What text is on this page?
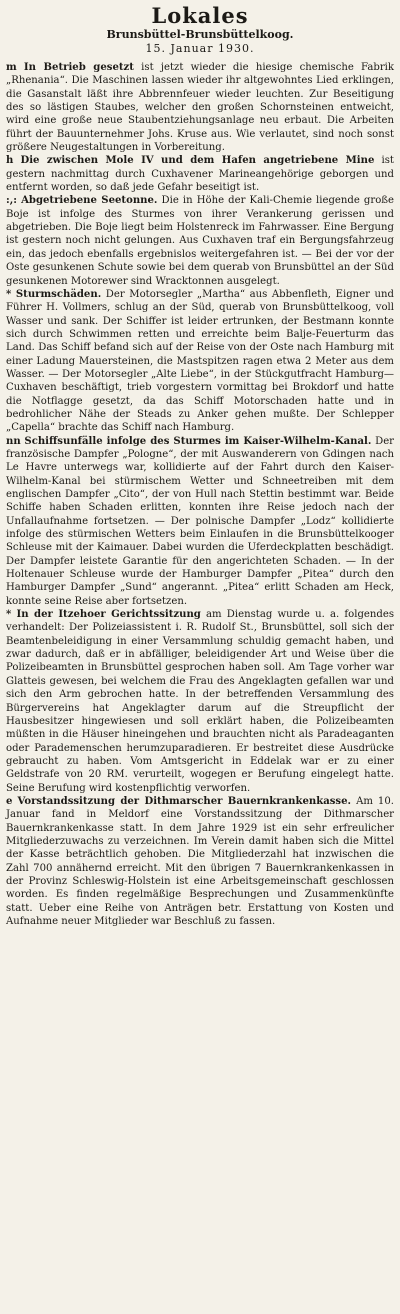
Lokales
Brunsbüttel-Brunsbüttelkoog.
15. Januar 1930.

m In Betrieb gesetzt ist jetzt wieder die hiesige chemische Fabrik „Rhenania“. Die Maschinen lassen wieder ihr altgewohntes Lied erklingen, die Gasanstalt läßt ihre Abbrennfeuer wieder leuchten. Zur Beseitigung des so lästigen Staubes, welcher den großen Schornsteinen entweicht, wird eine große neue Staubentziehungsanlage neu erbaut. Die Arbeiten führt der Bauunternehmer Johs. Kruse aus. Wie verlautet, sind noch sonst größere Neugestaltungen in Vorbereitung.

h Die zwischen Mole IV und dem Hafen angetriebene Mine ist gestern nachmittag durch Cuxhavener Marineangehörige geborgen und entfernt worden, so daß jede Gefahr beseitigt ist.

:,: Abgetriebene Seetonne. Die in Höhe der Kali-Chemie liegende große Boje ist infolge des Sturmes von ihrer Verankerung gerissen und abgetrieben. Die Boje liegt beim Holstenreck im Fahrwasser. Eine Bergung ist gestern noch nicht gelungen. Aus Cuxhaven traf ein Bergungsfahrzeug ein, das jedoch ebenfalls ergebnislos weitergefahren ist. — Bei der vor der Oste gesunkenen Schute sowie bei dem querab von Brunsbüttel an der Süd gesunkenen Motorewer sind Wracktonnen ausgelegt.

* Sturmschäden. Der Motorsegler „Martha“ aus Abbenfleth, Eigner und Führer H. Vollmers, schlug an der Süd, querab von Brunsbüttelkoog, voll Wasser und sank. Der Schiffer ist leider ertrunken, der Bestmann konnte sich durch Schwimmen retten und erreichte beim Balje-Feuerturm das Land. Das Schiff befand sich auf der Reise von der Oste nach Hamburg mit einer Ladung Mauersteinen, die Mastspitzen ragen etwa 2 Meter aus dem Wasser. — Der Motorsegler „Alte Liebe“, in der Stückgutfracht Hamburg—Cuxhaven beschäftigt, trieb vorgestern vormittag bei Brokdorf und hatte die Notflagge gesetzt, da das Schiff Motorschaden hatte und in bedrohlicher Nähe der Steads zu Anker gehen mußte. Der Schlepper „Capella“ brachte das Schiff nach Hamburg.

nn Schiffsunfälle infolge des Sturmes im Kaiser-Wilhelm-Kanal. Der französische Dampfer „Pologne“, der mit Auswanderern von Gdingen nach Le Havre unterwegs war, kollidierte auf der Fahrt durch den Kaiser-Wilhelm-Kanal bei stürmischem Wetter und Schneetreiben mit dem englischen Dampfer „Cito“, der von Hull nach Stettin bestimmt war. Beide Schiffe haben Schaden erlitten, konnten ihre Reise jedoch nach der Unfallaufnahme fortsetzen. — Der polnische Dampfer „Lodz“ kollidierte infolge des stürmischen Wetters beim Einlaufen in die Brunsbüttelkooger Schleuse mit der Kaimauer. Dabei wurden die Uferdeckplatten beschädigt. Der Dampfer leistete Garantie für den angerichteten Schaden. — In der Holtenauer Schleuse wurde der Hamburger Dampfer „Pitea“ durch den Hamburger Dampfer „Sund“ angerannt. „Pitea“ erlitt Schaden am Heck, konnte seine Reise aber fortsetzen.

* In der Itzehoer Gerichtssitzung am Dienstag wurde u. a. folgendes verhandelt: Der Polizeiassistent i. R. Rudolf St., Brunsbüttel, soll sich der Beamtenbeleidigung in einer Versammlung schuldig gemacht haben, und zwar dadurch, daß er in abfälliger, beleidigender Art und Weise über die Polizeibeamten in Brunsbüttel gesprochen haben soll. Am Tage vorher war Glatteis gewesen, bei welchem die Frau des Angeklagten gefallen war und sich den Arm gebrochen hatte. In der betreffenden Versammlung des Bürgervereins hat Angeklagter darum auf die Streupflicht der Hausbesitzer hingewiesen und soll erklärt haben, die Polizeibeamten müßten in die Häuser hineingehen und brauchten nicht als Paradeaganten oder Parademenschen herumzuparadieren. Er bestreitet diese Ausdrücke gebraucht zu haben. Vom Amtsgericht in Eddelak war er zu einer Geldstrafe von 20 RM. verurteilt, wogegen er Berufung eingelegt hatte. Seine Berufung wird kostenpflichtig verworfen.

e Vorstandssitzung der Dithmarscher Bauernkrankenkasse. Am 10. Januar fand in Meldorf eine Vorstandssitzung der Dithmarscher Bauernkrankenkasse statt. In dem Jahre 1929 ist ein sehr erfreulicher Mitgliederzuwachs zu verzeichnen. Im Verein damit haben sich die Mittel der Kasse beträchtlich gehoben. Die Mitgliederzahl hat inzwischen die Zahl 700 annähernd erreicht. Mit den übrigen 7 Bauernkrankenkassen in der Provinz Schleswig-Holstein ist eine Arbeitsgemeinschaft geschlossen worden. Es finden regelmäßige Besprechungen und Zusammenkünfte statt. Ueber eine Reihe von Anträgen betr. Erstattung von Kosten und Aufnahme neuer Mitglieder war Beschluß zu fassen.
